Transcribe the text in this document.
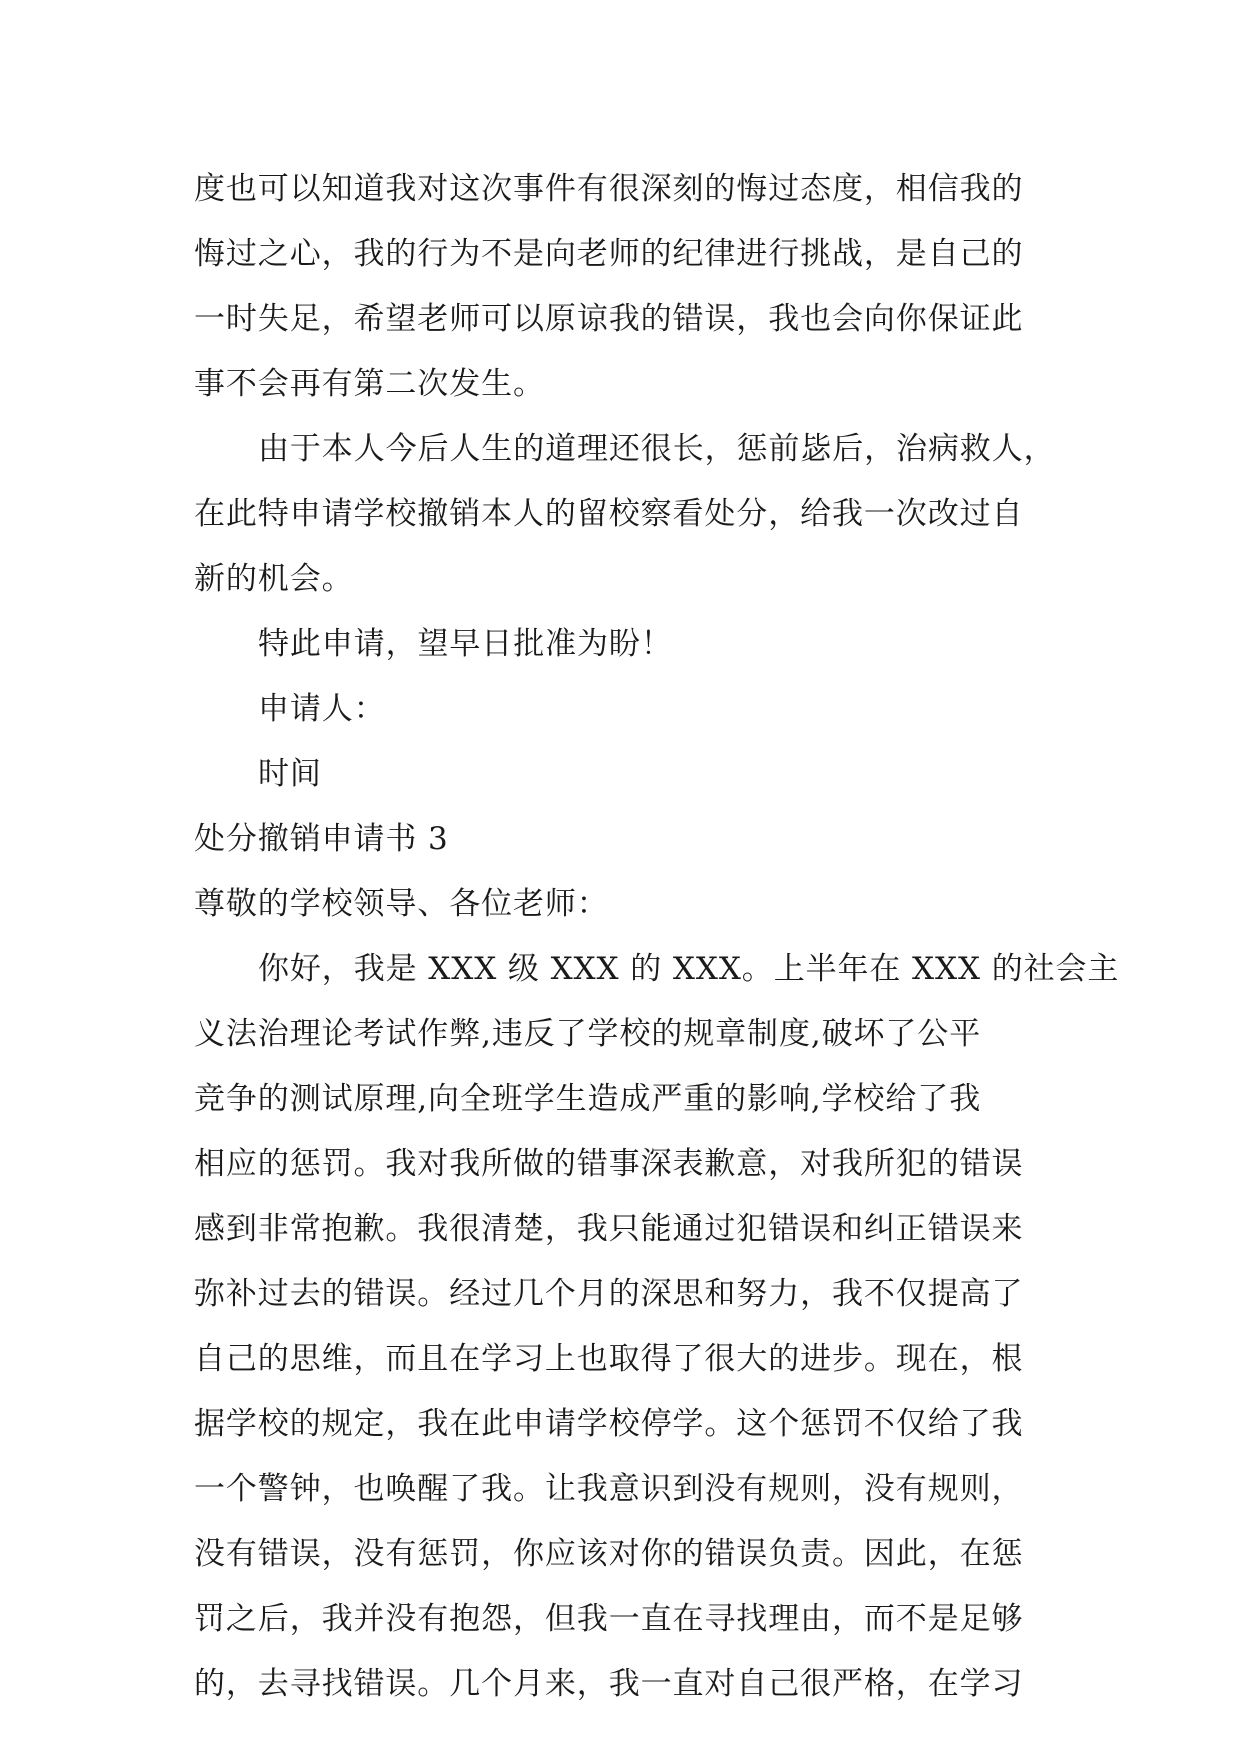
度也可以知道我对这次事件有很深刻的悔过态度，相信我的
悔过之心，我的行为不是向老师的纪律进行挑战，是自己的
一时失足，希望老师可以原谅我的错误，我也会向你保证此
事不会再有第二次发生。
由于本人今后人生的道理还很长，惩前毖后，治病救人，
在此特申请学校撤销本人的留校察看处分，给我一次改过自
新的机会。
特此申请，望早日批准为盼！
申请人：
时间
处分撤销申请书 3
尊敬的学校领导、各位老师：
你好，我是 XXX 级 XXX 的 XXX。上半年在 XXX 的社会主
义法治理论考试作弊,违反了学校的规章制度,破坏了公平
竞争的测试原理,向全班学生造成严重的影响,学校给了我
相应的惩罚。我对我所做的错事深表歉意，对我所犯的错误
感到非常抱歉。我很清楚，我只能通过犯错误和纠正错误来
弥补过去的错误。经过几个月的深思和努力，我不仅提高了
自己的思维，而且在学习上也取得了很大的进步。现在，根
据学校的规定，我在此申请学校停学。这个惩罚不仅给了我
一个警钟，也唤醒了我。让我意识到没有规则，没有规则，
没有错误，没有惩罚，你应该对你的错误负责。因此，在惩
罚之后，我并没有抱怨，但我一直在寻找理由，而不是足够
的，去寻找错误。几个月来，我一直对自己很严格，在学习
